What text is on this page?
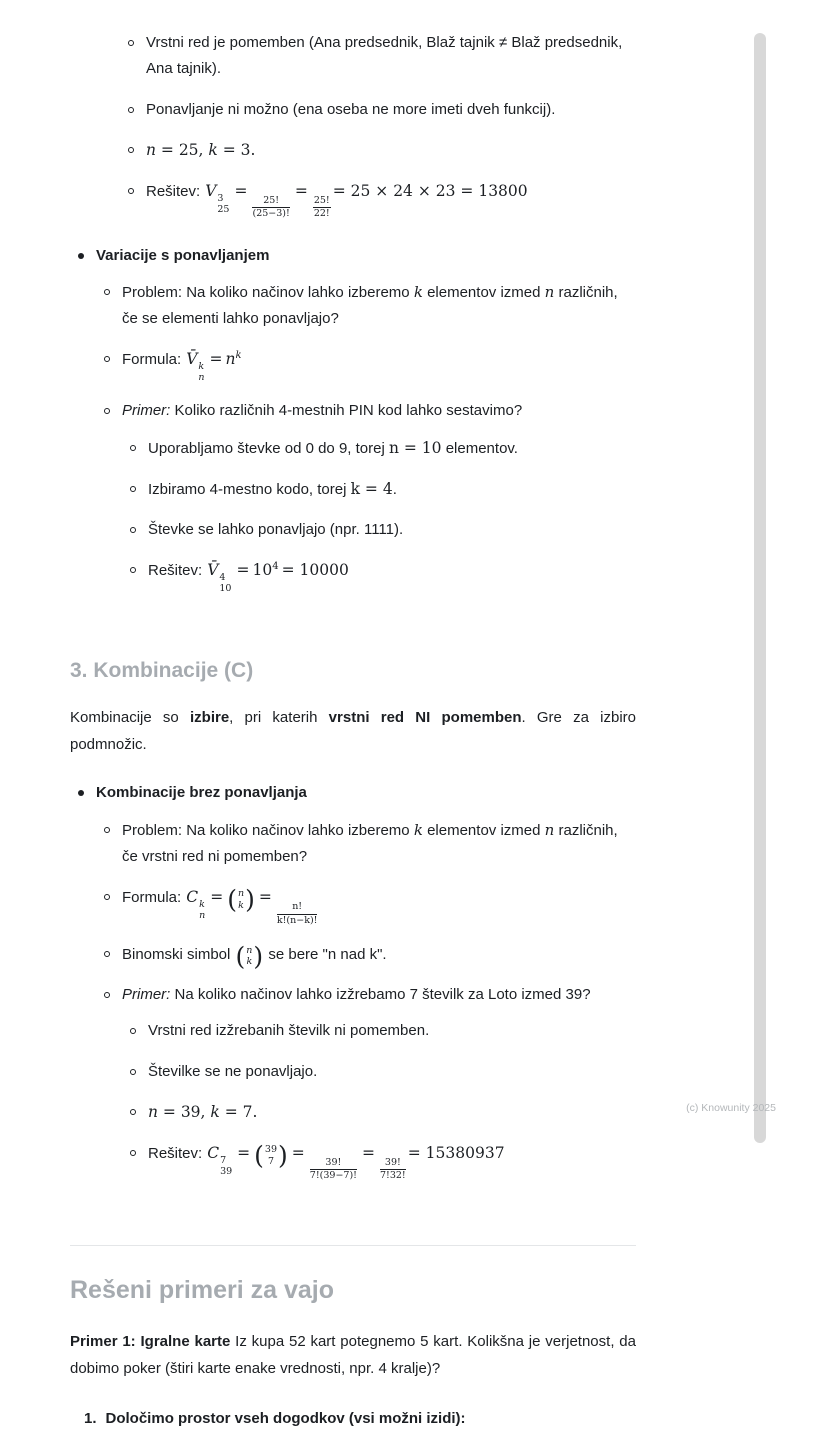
Vrstni red je pomemben (Ana predsednik, Blaž tajnik ≠ Blaž predsednik, Ana tajnik).
Ponavljanje ni možno (ena oseba ne more imeti dveh funkcij).
n = 25, k = 3.
Rešitev: V 3
25
=
$\frac{25!}{(25-3)!}$
=
$\frac{25!}{22!}$
= 25 × 24 × 23 = 13800
Variacije s ponavljanjem
Problem: Na koliko načinov lahko izberemo k elementov izmed n različnih, če se elementi lahko ponavljajo?
Formula: V̄ k
n
= $n^k$
Primer: Koliko različnih 4-mestnih PIN kod lahko sestavimo?
Uporabljamo števke od 0 do 9, torej n = 10 elementov.
Izbiramo 4-mestno kodo, torej k = 4.
Števke se lahko ponavljajo (npr. 1111).
Rešitev: V̄ 4
10
= $10^4 = 10000$
3. Kombinacije (C)

Kombinacije so izbire, pri katerih vrstni red NI pomemben. Gre za izbiro podmnožic.

Kombinacije brez ponavljanja
Problem: Na koliko načinov lahko izberemo k elementov izmed n različnih, če vrstni red ni pomemben?
Formula: C k
n
= ( n
k ) =
$\frac{n!}{k!(n-k)!}$
Binomski simbol ( n
k ) se bere "n nad k".
Primer: Na koliko načinov lahko izžrebamo 7 številk za Loto izmed 39?
Vrstni red izžrebanih številk ni pomemben.
Številke se ne ponavljajo.
n = 39, k = 7.
Rešitev: C 7
39
= ( 39
7 ) =
$\frac{39!}{7!(39-7)!}$
=
$\frac{39!}{7!32!}$
= 15380937
Rešeni primeri za vajo

Primer 1: Igralne karte Iz kupa 52 kart potegnemo 5 kart. Kolikšna je verjetnost, da dobimo poker (štiri karte enake vrednosti, npr. 4 kralje)?

1. Določimo prostor vseh dogodkov (vsi možni izidi):
(c) Knowunity 2025
